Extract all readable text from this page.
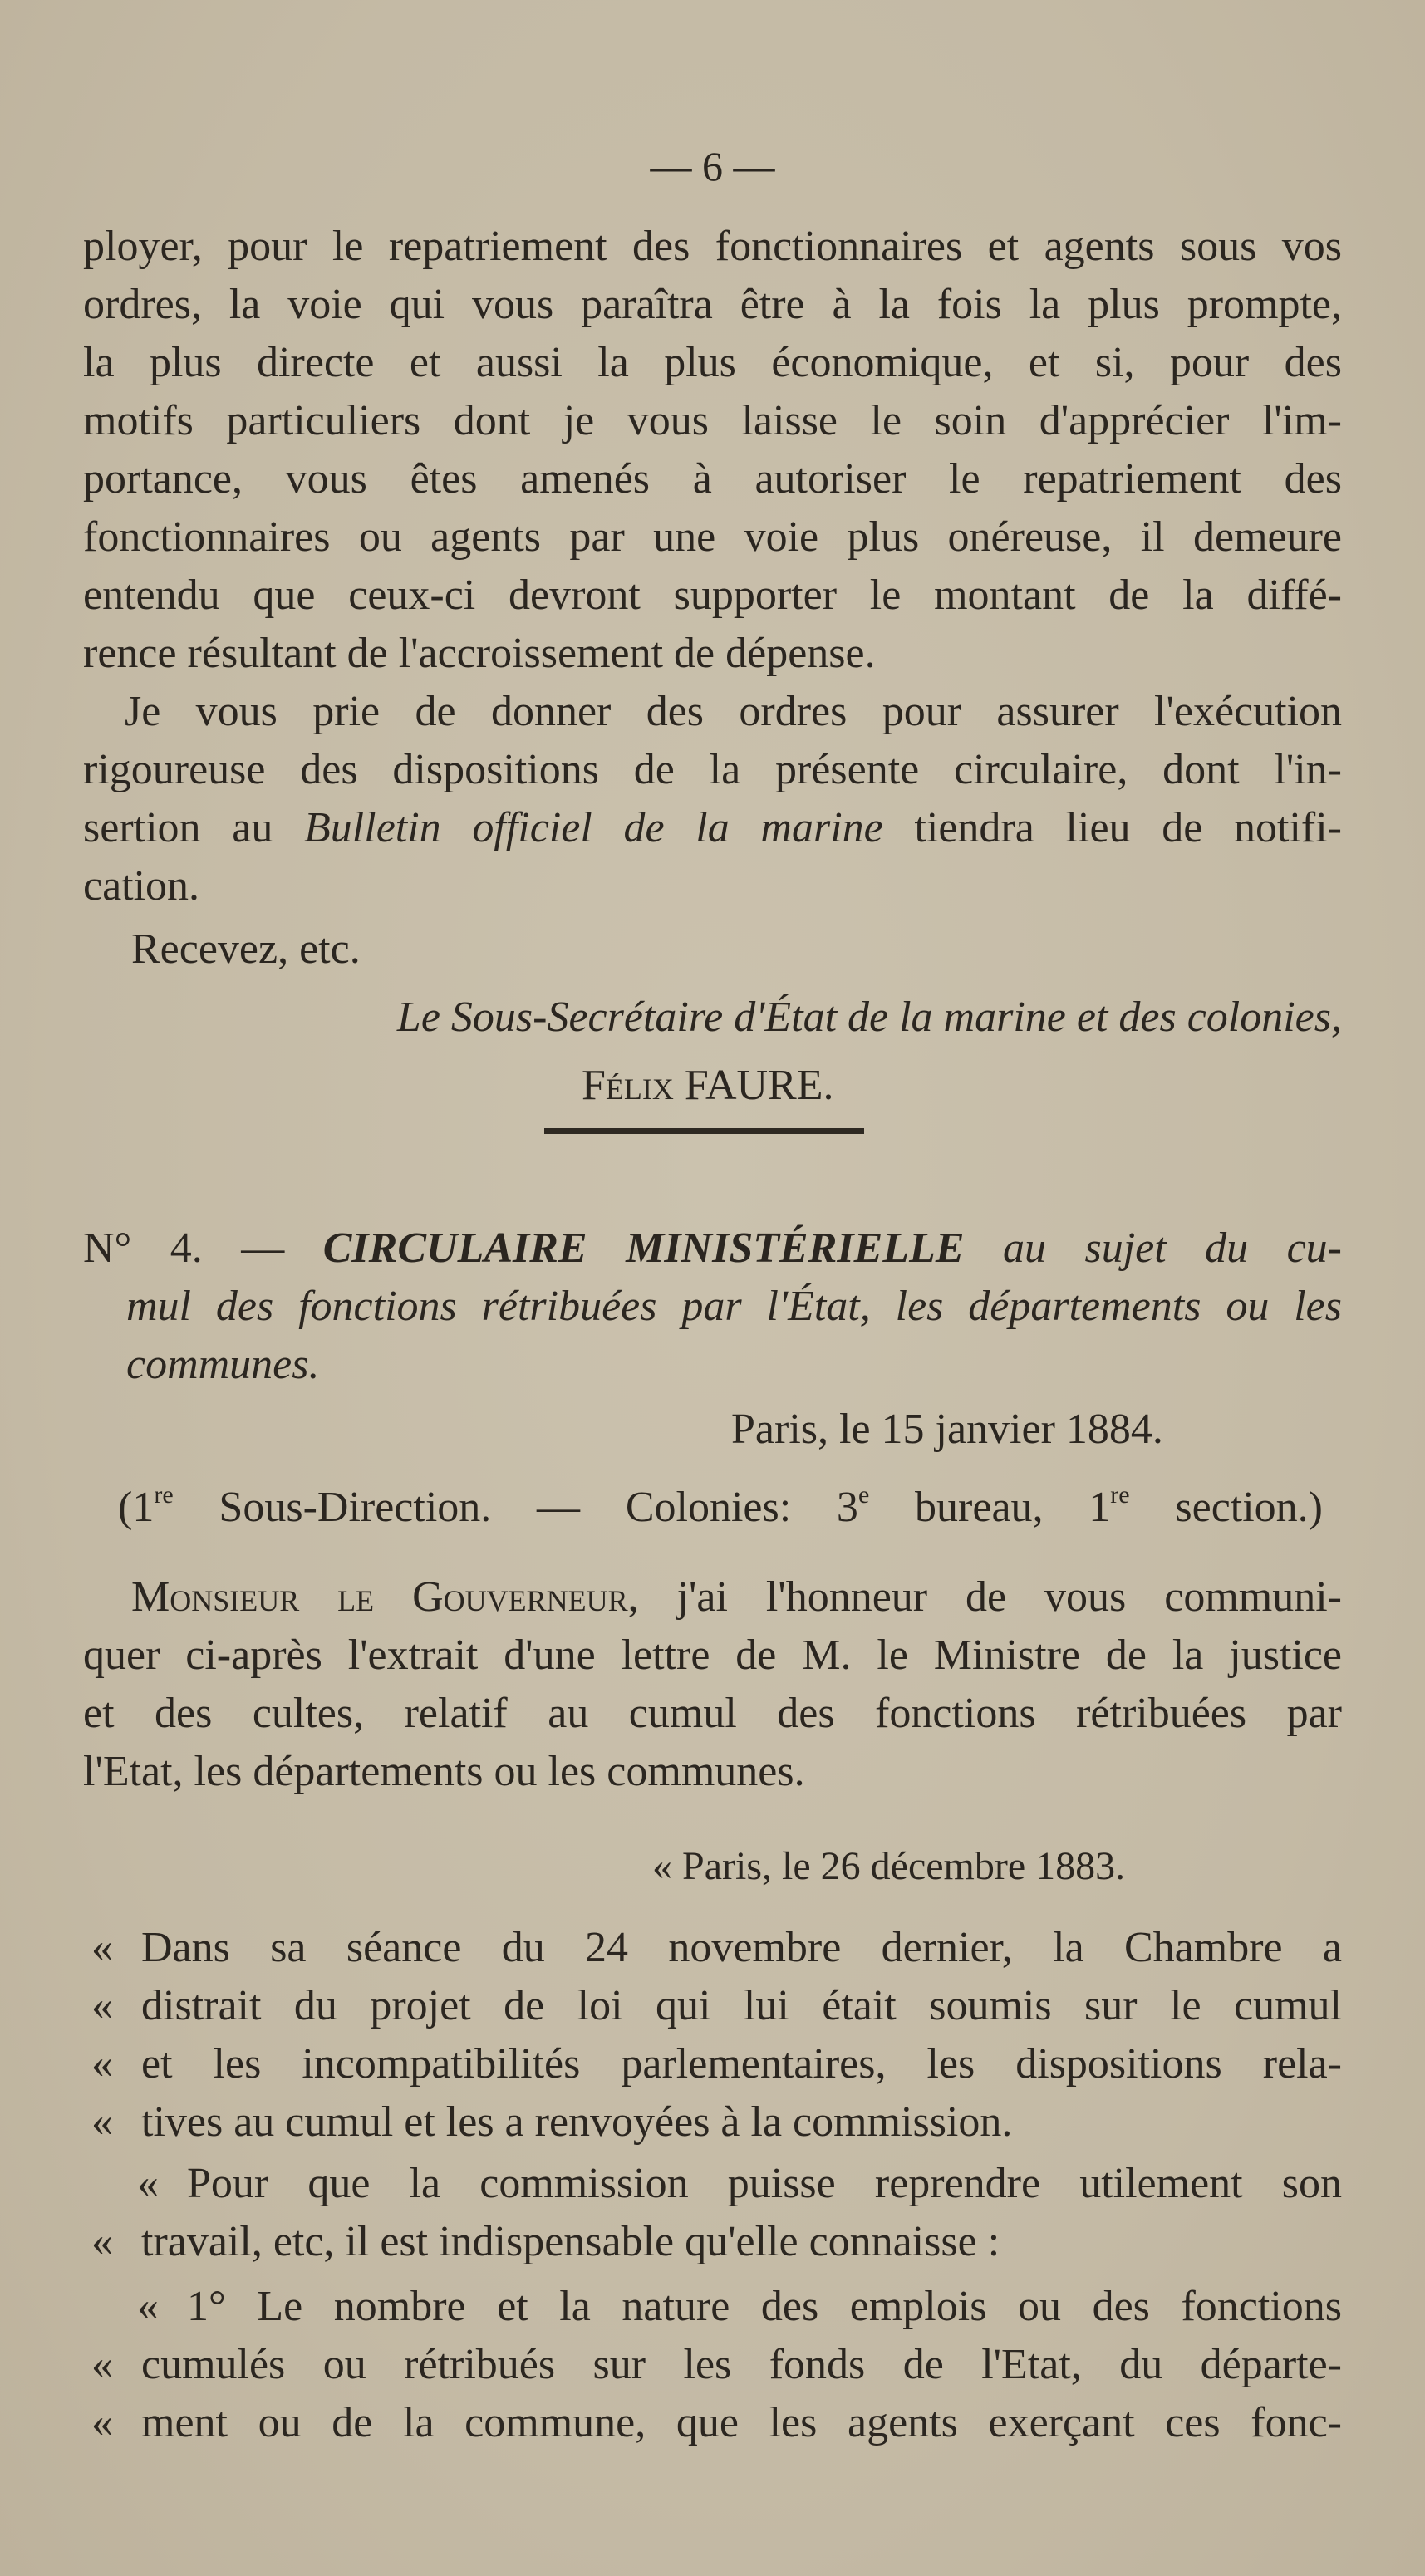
— 6 —
ployer, pour le repatriement des fonctionnaires et agents sous vos
ordres, la voie qui vous paraîtra être à la fois la plus prompte,
la plus directe et aussi la plus économique, et si, pour des
motifs particuliers dont je vous laisse le soin d'apprécier l'im-
portance, vous êtes amenés à autoriser le repatriement des
fonctionnaires ou agents par une voie plus onéreuse, il demeure
entendu que ceux-ci devront supporter le montant de la diffé-
rence résultant de l'accroissement de dépense.
Je vous prie de donner des ordres pour assurer l'exécution
rigoureuse des dispositions de la présente circulaire, dont l'in-
sertion au Bulletin officiel de la marine tiendra lieu de notifi-
cation.
Recevez, etc.
Le Sous-Secrétaire d'État de la marine et des colonies,
Félix FAURE.
N° 4. — CIRCULAIRE MINISTÉRIELLE au sujet du cu-
mul des fonctions rétribuées par l'État, les départements ou les
communes.
Paris, le 15 janvier 1884.
(1re Sous-Direction. — Colonies: 3e bureau, 1re section.)
Monsieur le Gouverneur, j'ai l'honneur de vous communi-
quer ci-après l'extrait d'une lettre de M. le Ministre de la justice
et des cultes, relatif au cumul des fonctions rétribuées par
l'Etat, les départements ou les communes.
« Paris, le 26 décembre 1883.
« Dans sa séance du 24 novembre dernier, la Chambre a
« distrait du projet de loi qui lui était soumis sur le cumul
« et les incompatibilités parlementaires, les dispositions rela-
« tives au cumul et les a renvoyées à la commission.
« Pour que la commission puisse reprendre utilement son
« travail, etc, il est indispensable qu'elle connaisse :
« 1° Le nombre et la nature des emplois ou des fonctions
« cumulés ou rétribués sur les fonds de l'Etat, du départe-
« ment ou de la commune, que les agents exerçant ces fonc-
